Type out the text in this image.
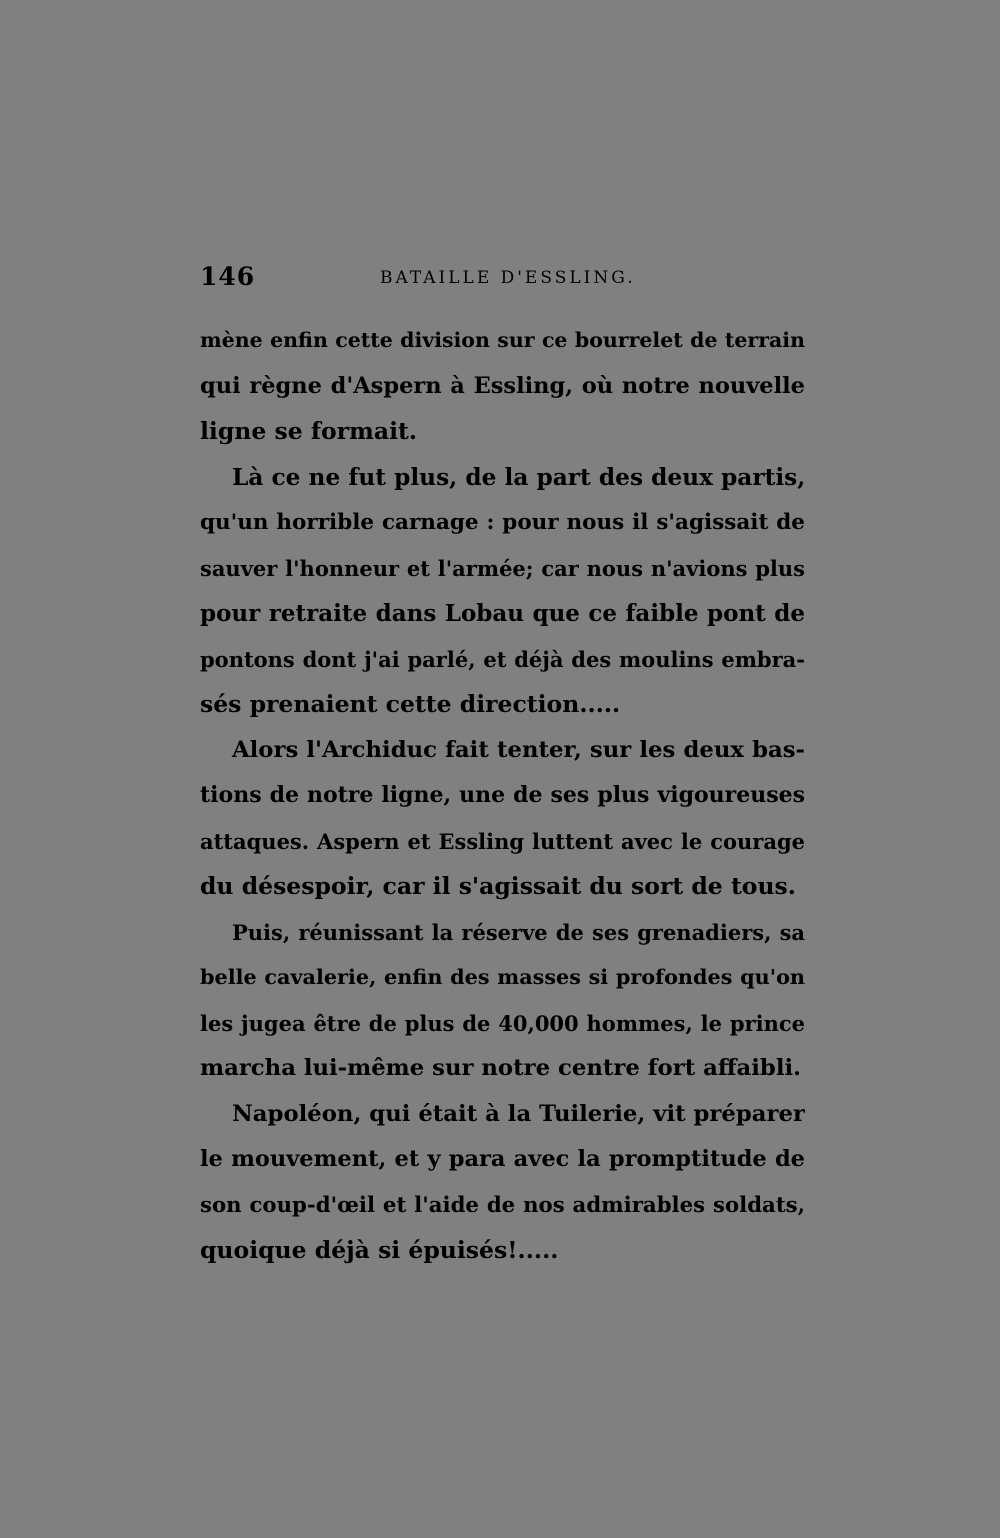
146	BATAILLE D'ESSLING.
mène enfin cette division sur ce bourrelet de terrain
qui règne d'Aspern à Essling, où notre nouvelle
ligne se formait.
Là ce ne fut plus, de la part des deux partis,
qu'un horrible carnage : pour nous il s'agissait de
sauver l'honneur et l'armée; car nous n'avions plus
pour retraite dans Lobau que ce faible pont de
pontons dont j'ai parlé, et déjà des moulins embra-
sés prenaient cette direction.....
Alors l'Archiduc fait tenter, sur les deux bas-
tions de notre ligne, une de ses plus vigoureuses
attaques. Aspern et Essling luttent avec le courage
du désespoir, car il s'agissait du sort de tous.
Puis, réunissant la réserve de ses grenadiers, sa
belle cavalerie, enfin des masses si profondes qu'on
les jugea être de plus de 40,000 hommes, le prince
marcha lui-même sur notre centre fort affaibli.
Napoléon, qui était à la Tuilerie, vit préparer
le mouvement, et y para avec la promptitude de
son coup-d'œil et l'aide de nos admirables soldats,
quoique déjà si épuisés!.....
